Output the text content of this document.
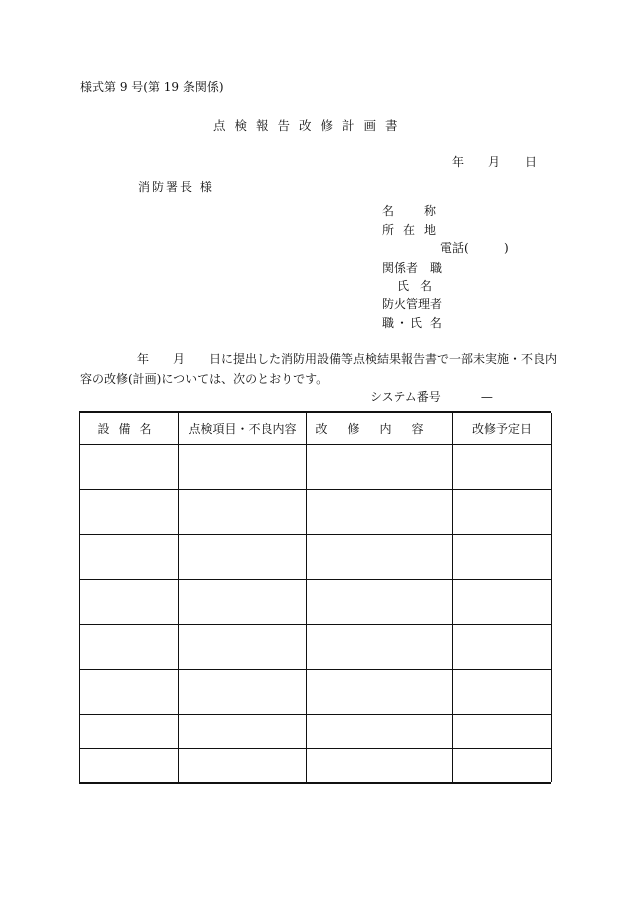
様式第 9 号(第 19 条関係)
点検報告改修計画書
年 月 日
消防署長 様
名称
所在地
電話(	)
関係者 職
氏名
防火管理者
職・氏 名
年 月 日に提出した消防用設備等点検結果報告書で一部未実施・不良内
容の改修(計画)については、次のとおりです。
システム番号	—
設備名	点検項目・不良内容	改修内容	改修予定日
